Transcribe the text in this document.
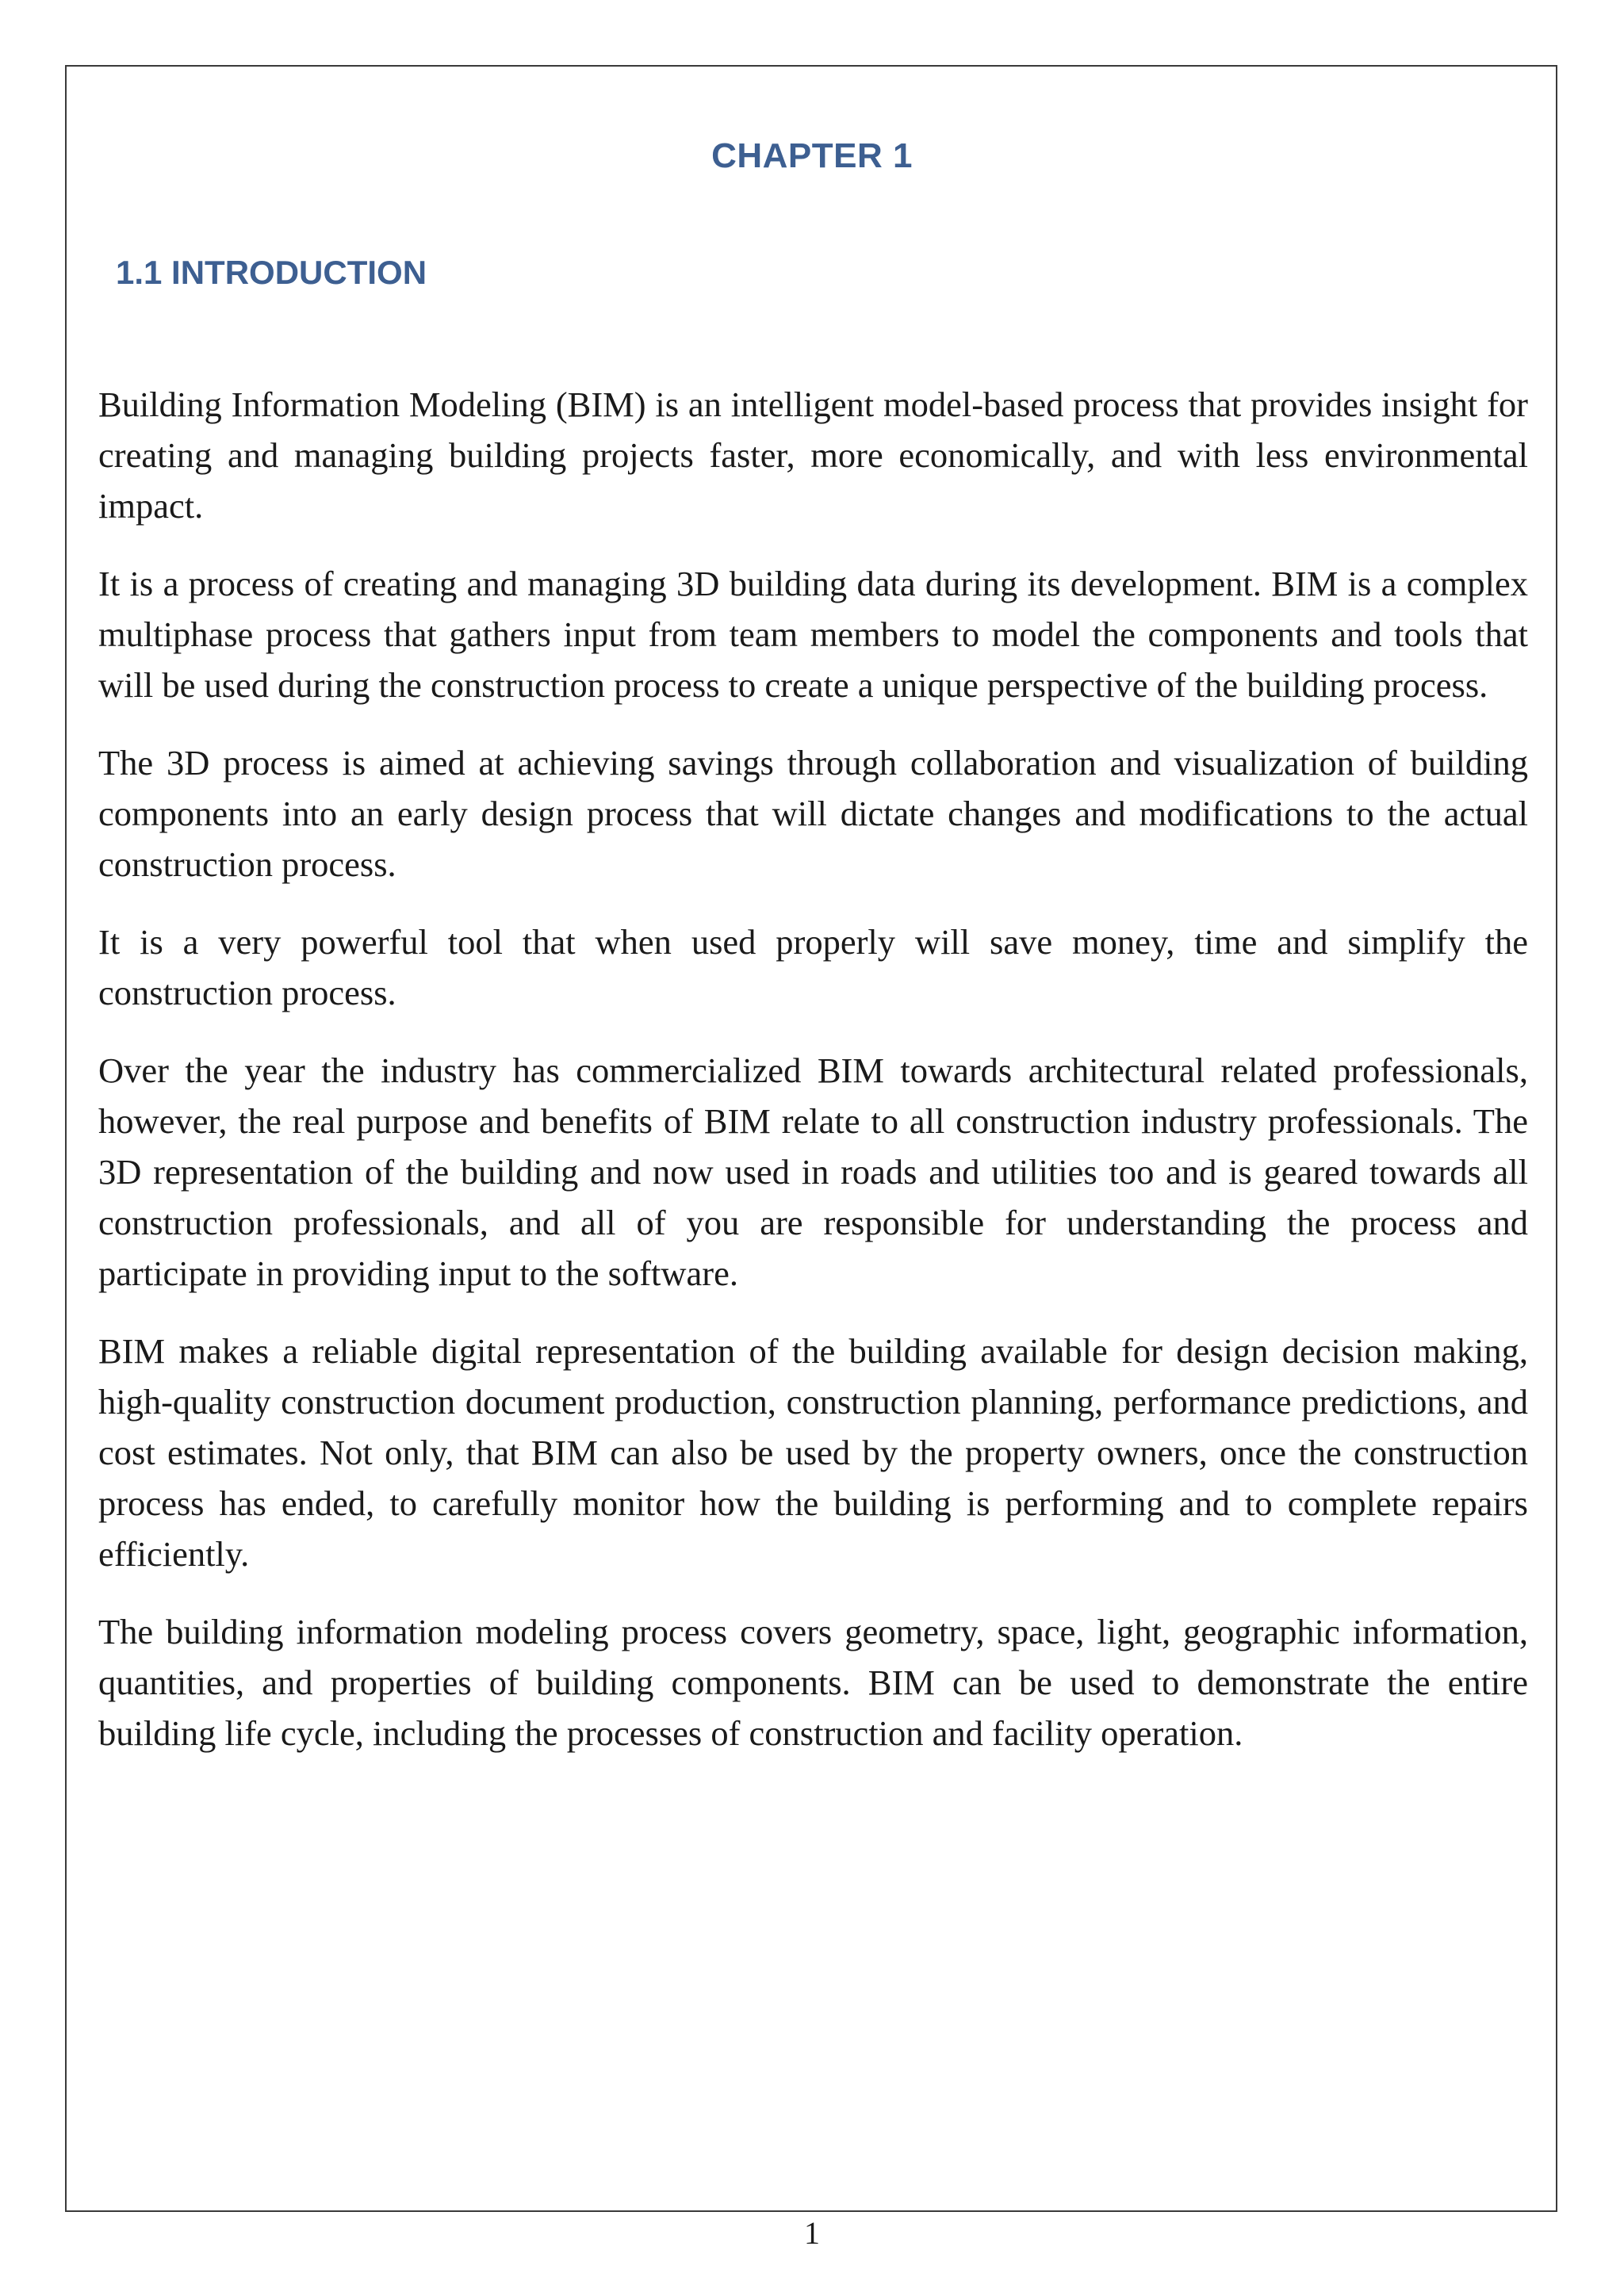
CHAPTER 1
1.1 INTRODUCTION

Building Information Modeling (BIM) is an intelligent model-based process that provides insight for creating and managing building projects faster, more economically, and with less environmental impact.

It is a process of creating and managing 3D building data during its development. BIM is a complex multiphase process that gathers input from team members to model the components and tools that will be used during the construction process to create a unique perspective of the building process.

The 3D process is aimed at achieving savings through collaboration and visualization of building components into an early design process that will dictate changes and modifications to the actual construction process.

It is a very powerful tool that when used properly will save money, time and simplify the construction process.

Over the year the industry has commercialized BIM towards architectural related professionals, however, the real purpose and benefits of BIM relate to all construction industry professionals. The 3D representation of the building and now used in roads and utilities too and is geared towards all construction professionals, and all of you are responsible for understanding the process and participate in providing input to the software.

BIM makes a reliable digital representation of the building available for design decision making, high-quality construction document production, construction planning, performance predictions, and cost estimates. Not only, that BIM can also be used by the property owners, once the construction process has ended, to carefully monitor how the building is performing and to complete repairs efficiently.

The building information modeling process covers geometry, space, light, geographic information, quantities, and properties of building components. BIM can be used to demonstrate the entire building life cycle, including the processes of construction and facility operation.

1
